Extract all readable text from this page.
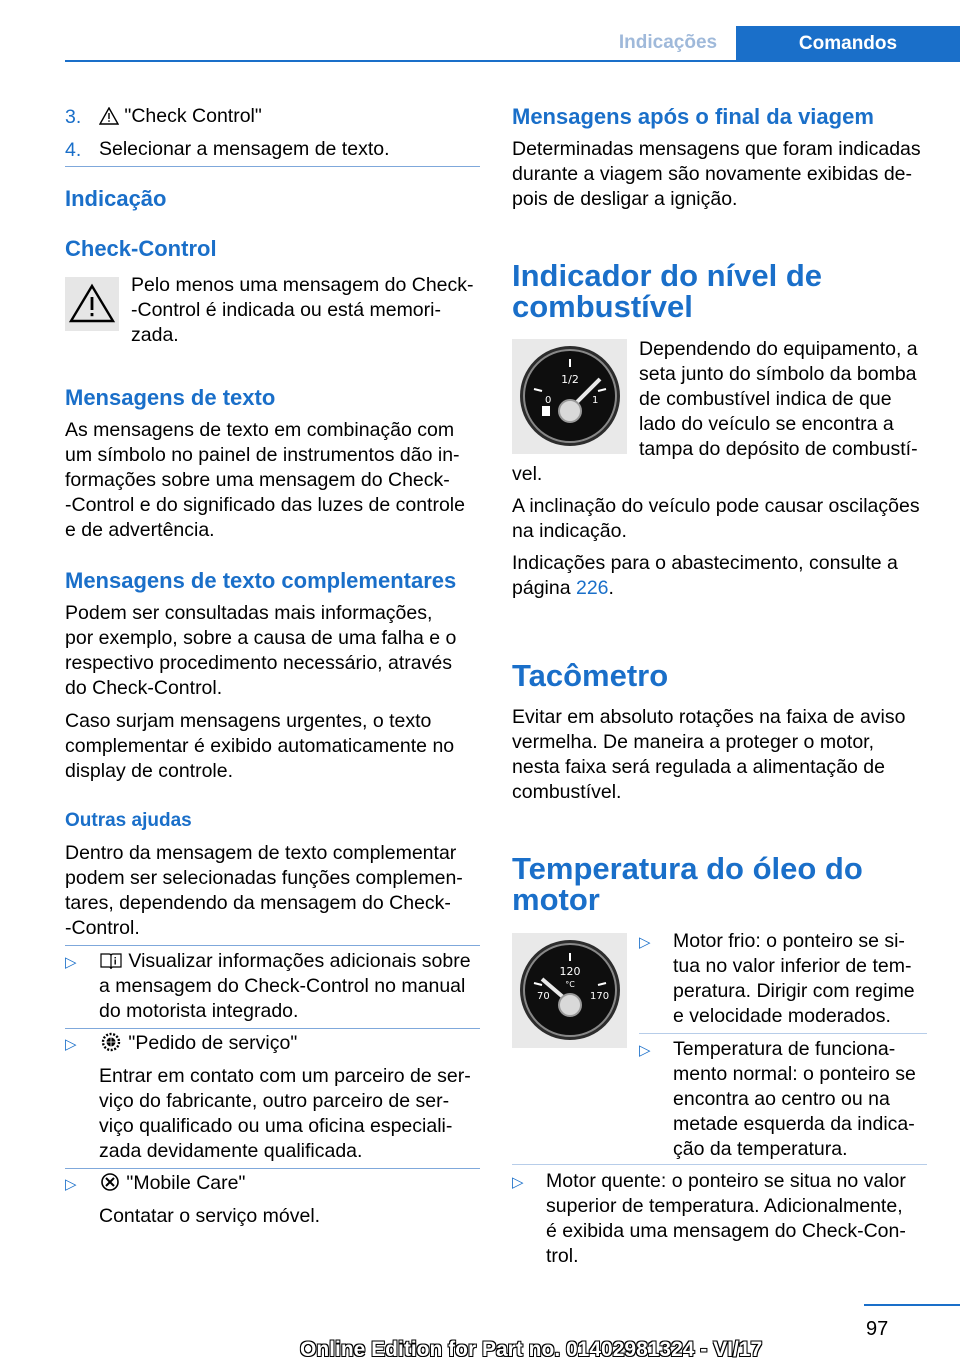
Indicações	Comandos
3.	"Check Control"
4. Selecionar a mensagem de texto.
Indicação
Check-Control
Pelo menos uma mensagem do Check-
-Control é indicada ou está memori‐
zada.
Mensagens de texto
As mensagens de texto em combinação com
um símbolo no painel de instrumentos dão in‐
formações sobre uma mensagem do Check-
-Control e do significado das luzes de controle
e de advertência.
Mensagens de texto complementares
Podem ser consultadas mais informações,
por exemplo, sobre a causa de uma falha e o
respectivo procedimento necessário, através
do Check-Control.
Caso surjam mensagens urgentes, o texto
complementar é exibido automaticamente no
display de controle.
Outras ajudas
Dentro da mensagem de texto complementar
podem ser selecionadas funções complemen‐
tares, dependendo da mensagem do Check-
-Control.
▷	Visualizar informações adicionais sobre
a mensagem do Check-Control no manual
do motorista integrado.
▷	"Pedido de serviço"
Entrar em contato com um parceiro de ser‐
viço do fabricante, outro parceiro de ser‐
viço qualificado ou uma oficina especiali‐
zada devidamente qualificada.
▷	"Mobile Care"
Contatar o serviço móvel.
Mensagens após o final da viagem
Determinadas mensagens que foram indicadas
durante a viagem são novamente exibidas de‐
pois de desligar a ignição.
Indicador do nível de
combustível
1/2
0	1
Dependendo do equipamento, a
seta junto do símbolo da bomba
de combustível indica de que
lado do veículo se encontra a
tampa do depósito de combustí‐
vel.
A inclinação do veículo pode causar oscilações
na indicação.
Indicações para o abastecimento, consulte a
página 226.
Tacômetro
Evitar em absoluto rotações na faixa de aviso
vermelha. De maneira a proteger o motor,
nesta faixa será regulada a alimentação de
combustível.
Temperatura do óleo do
motor
120
°C
70	170
▷ Motor frio: o ponteiro se si‐
tua no valor inferior de tem‐
peratura. Dirigir com regime
e velocidade moderados.
▷ Temperatura de funciona‐
mento normal: o ponteiro se
encontra ao centro ou na
metade esquerda da indica‐
ção da temperatura.
▷ Motor quente: o ponteiro se situa no valor
superior de temperatura. Adicionalmente,
é exibida uma mensagem do Check-Con‐
trol.
97
Online Edition for Part no. 01402981324 - VI/17
